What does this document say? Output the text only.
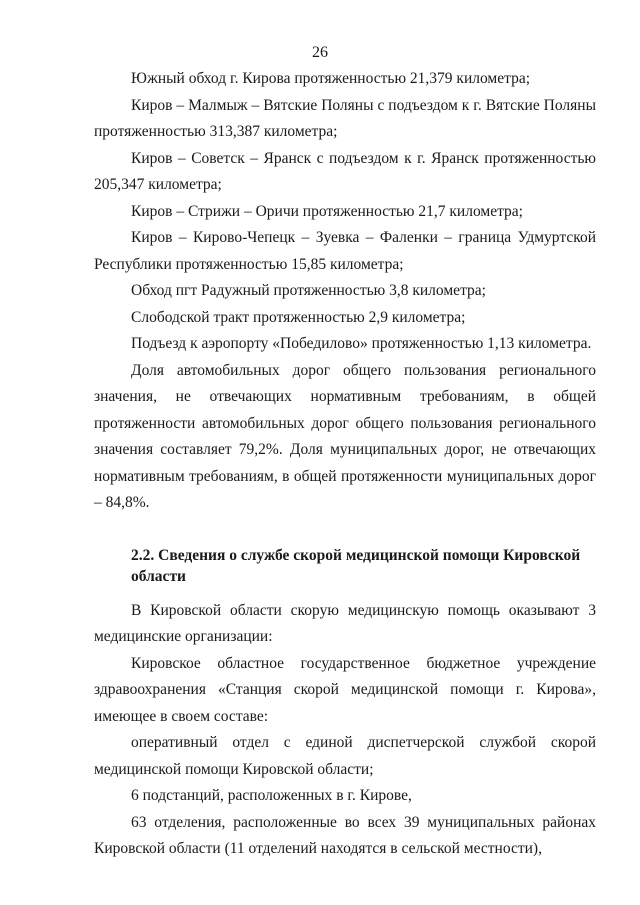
26

Южный обход г. Кирова протяженностью 21,379 километра;

Киров – Малмыж – Вятские Поляны с подъездом к г. Вятские Поляны протяженностью 313,387 километра;

Киров – Советск – Яранск с подъездом к г. Яранск протяженностью 205,347 километра;

Киров – Стрижи – Оричи протяженностью 21,7 километра;

Киров – Кирово-Чепецк – Зуевка – Фаленки – граница Удмуртской Республики протяженностью 15,85 километра;

Обход пгт Радужный протяженностью 3,8 километра;

Слободской тракт протяженностью 2,9 километра;

Подъезд к аэропорту «Победилово» протяженностью 1,13 километра.

Доля автомобильных дорог общего пользования регионального значения, не отвечающих нормативным требованиям, в общей протяженности автомобильных дорог общего пользования регионального значения составляет 79,2%. Доля муниципальных дорог, не отвечающих нормативным требованиям, в общей протяженности муниципальных дорог – 84,8%.

2.2. Сведения о службе скорой медицинской помощи Кировской области

В Кировской области скорую медицинскую помощь оказывают 3 медицинские организации:

Кировское областное государственное бюджетное учреждение здравоохранения «Станция скорой медицинской помощи г. Кирова», имеющее в своем составе:

оперативный отдел с единой диспетчерской службой скорой медицинской помощи Кировской области;

6 подстанций, расположенных в г. Кирове,

63 отделения, расположенные во всех 39 муниципальных районах Кировской области (11 отделений находятся в сельской местности),
